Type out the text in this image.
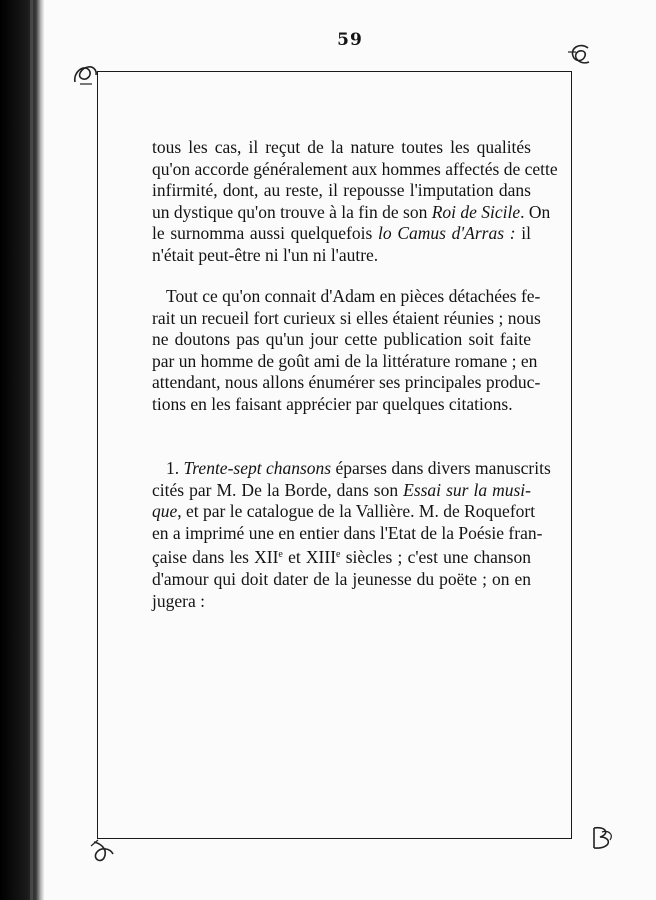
59
tous les cas, il reçut de la nature toutes les qualités
qu'on accorde généralement aux hommes affectés de cette
infirmité, dont, au reste, il repousse l'imputation dans
un dystique qu'on trouve à la fin de son Roi de Sicile. On
le surnomma aussi quelquefois lo Camus d'Arras : il
n'était peut-être ni l'un ni l'autre.
Tout ce qu'on connait d'Adam en pièces détachées fe-
rait un recueil fort curieux si elles étaient réunies ; nous
ne doutons pas qu'un jour cette publication soit faite
par un homme de goût ami de la littérature romane ; en
attendant, nous allons énumérer ses principales produc-
tions en les faisant apprécier par quelques citations.
1. Trente-sept chansons éparses dans divers manuscrits
cités par M. De la Borde, dans son Essai sur la musi-
que, et par le catalogue de la Vallière. M. de Roquefort
en a imprimé une en entier dans l'Etat de la Poésie fran-
çaise dans les XIIe et XIIIe siècles ; c'est une chanson
d'amour qui doit dater de la jeunesse du poëte ; on en
jugera :
